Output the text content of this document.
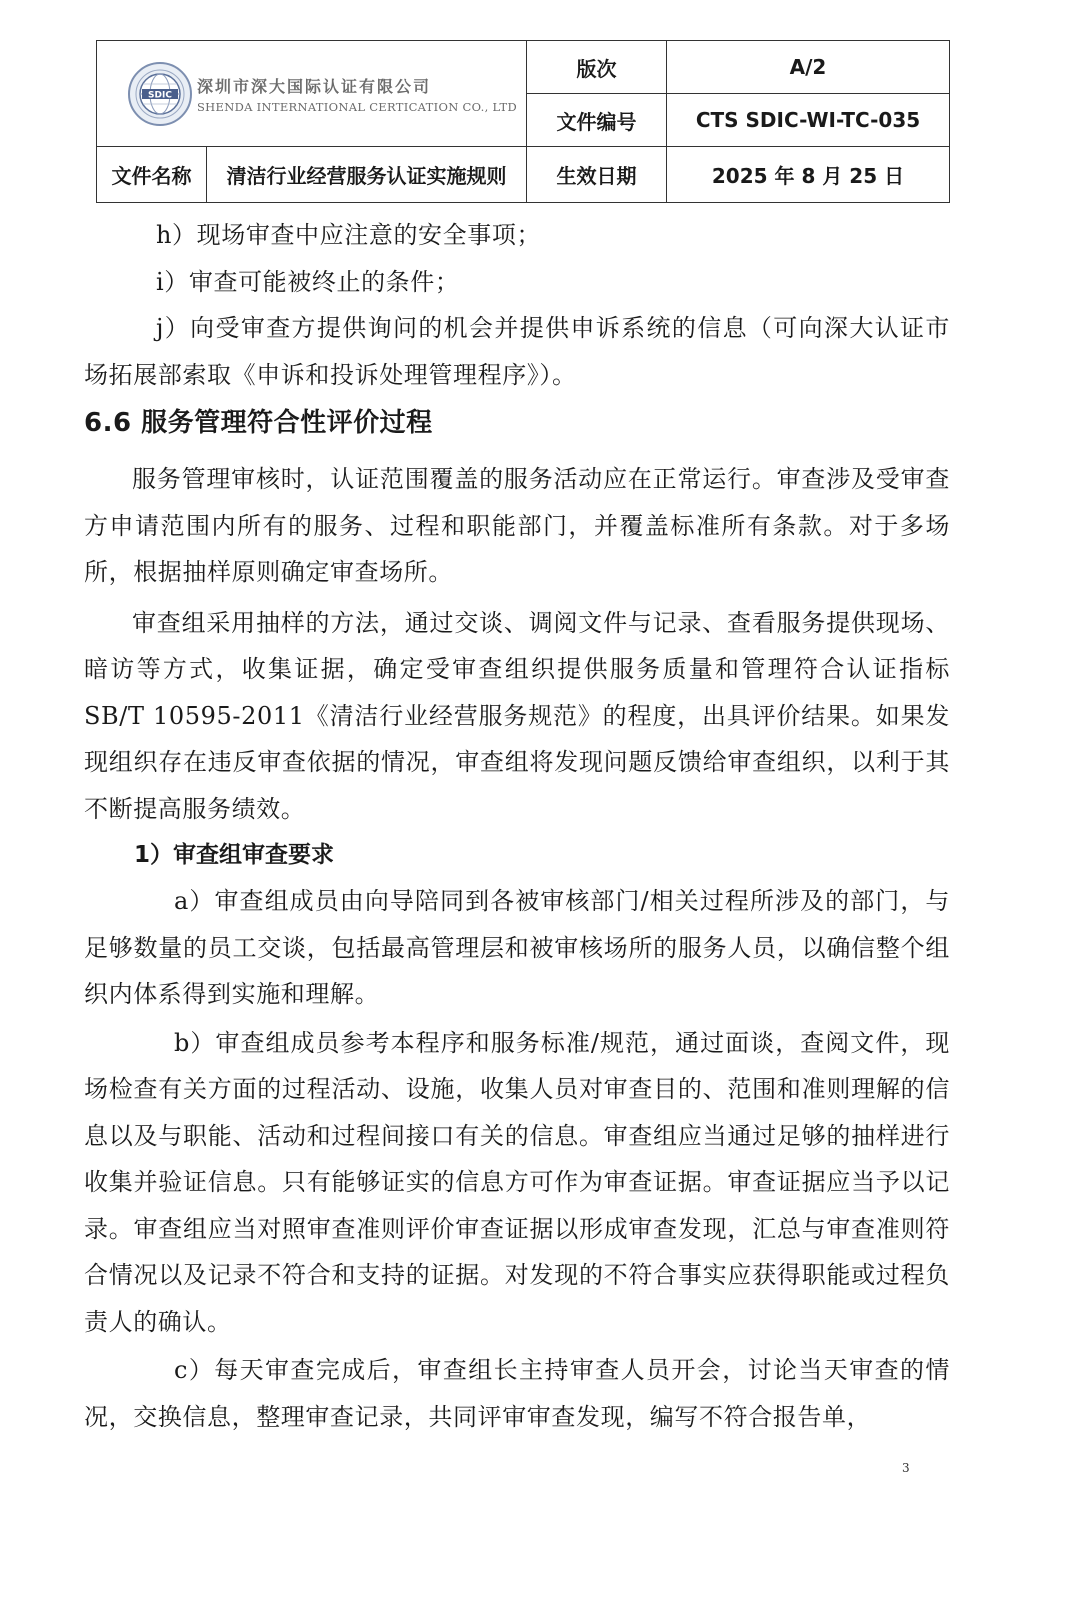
SDIC 深圳市深大国际认证有限公司
SHENDA INTERNATIONAL CERTICATION CO., LTD		版次	A/2
		文件编号	CTS SDIC-WI-TC-035
文件名称	清洁行业经营服务认证实施规则	生效日期	2025 年 8 月 25 日

h）现场审查中应注意的安全事项；

i）审查可能被终止的条件；

j）向受审查方提供询问的机会并提供申诉系统的信息（可向深大认证市场拓展部索取《申诉和投诉处理管理程序》）。

6.6 服务管理符合性评价过程

服务管理审核时，认证范围覆盖的服务活动应在正常运行。审查涉及受审查方申请范围内所有的服务、过程和职能部门，并覆盖标准所有条款。对于多场所，根据抽样原则确定审查场所。

审查组采用抽样的方法，通过交谈、调阅文件与记录、查看服务提供现场、暗访等方式，收集证据，确定受审查组织提供服务质量和管理符合认证指标 SB/T 10595-2011《清洁行业经营服务规范》的程度，出具评价结果。如果发现组织存在违反审查依据的情况，审查组将发现问题反馈给审查组织，以利于其不断提高服务绩效。

1）审查组审查要求

a）审查组成员由向导陪同到各被审核部门/相关过程所涉及的部门，与足够数量的员工交谈，包括最高管理层和被审核场所的服务人员，以确信整个组织内体系得到实施和理解。

b）审查组成员参考本程序和服务标准/规范，通过面谈，查阅文件，现场检查有关方面的过程活动、设施，收集人员对审查目的、范围和准则理解的信息以及与职能、活动和过程间接口有关的信息。审查组应当通过足够的抽样进行收集并验证信息。只有能够证实的信息方可作为审查证据。审查证据应当予以记录。审查组应当对照审查准则评价审查证据以形成审查发现，汇总与审查准则符合情况以及记录不符合和支持的证据。对发现的不符合事实应获得职能或过程负责人的确认。

c）每天审查完成后，审查组长主持审查人员开会，讨论当天审查的情况，交换信息，整理审查记录，共同评审审查发现，编写不符合报告单，

3
